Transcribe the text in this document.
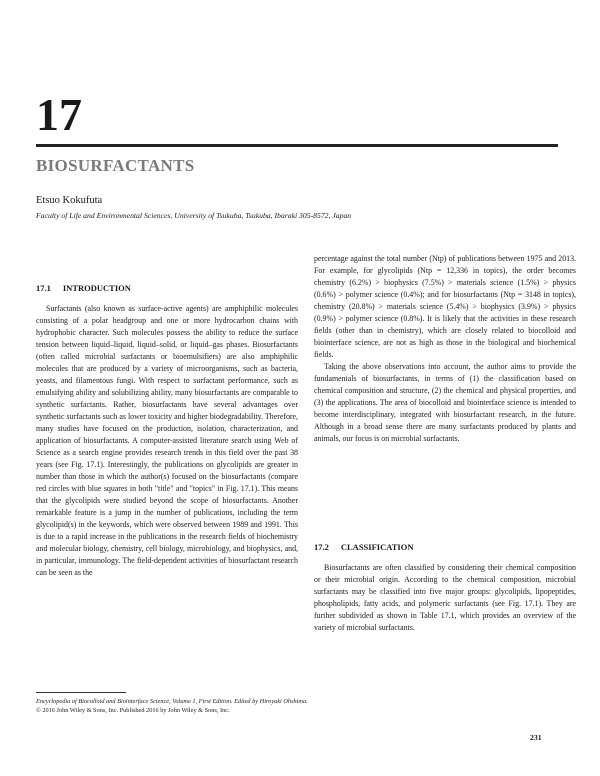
17
BIOSURFACTANTS
Etsuo Kokufuta
Faculty of Life and Environmental Sciences, University of Tsukuba, Tsukuba, Ibaraki 305-8572, Japan
17.1 INTRODUCTION

Surfactants (also known as surface-active agents) are amphiphilic molecules consisting of a polar headgroup and one or more hydrocarbon chains with hydrophobic character. Such molecules possess the ability to reduce the surface tension between liquid–liquid, liquid–solid, or liquid–gas phases. Biosurfactants (often called microbial surfactants or bioemulsifiers) are also amphiphilic molecules that are produced by a variety of microorganisms, such as bacteria, yeasts, and filamentous fungi. With respect to surfactant performance, such as emulsifying ability and solubilizing ability, many biosurfactants are comparable to synthetic surfactants. Rather, biosurfactants have several advantages over synthetic surfactants such as lower toxicity and higher biodegradability. Therefore, many studies have focused on the production, isolation, characterization, and application of biosurfactants. A computer-assisted literature search using Web of Science as a search engine provides research trends in this field over the past 38 years (see Fig. 17.1). Interestingly, the publications on glycolipids are greater in number than those in which the author(s) focused on the biosurfactants (compare red circles with blue squares in both "title" and "topics" in Fig. 17.1). This means that the glycolipids were studied beyond the scope of biosurfactants. Another remarkable feature is a jump in the number of publications, including the term glycolipid(s) in the keywords, which were observed between 1989 and 1991. This is due to a rapid increase in the publications in the research fields of biochemistry and molecular biology, chemistry, cell biology, microbiology, and biophysics, and, in particular, immunology. The field-dependent activities of biosurfactant research can be seen as the

percentage against the total number (Ntp) of publications between 1975 and 2013. For example, for glycolipids (Ntp = 12,336 in topics), the order becomes chemistry (6.2%) > biophysics (7.5%) > materials science (1.5%) > physics (0.6%) > polymer science (0.4%); and for biosurfactants (Ntp = 3148 in topics), chemistry (20.8%) > materials science (5.4%) > biophysics (3.9%) > physics (0.9%) > polymer science (0.8%). It is likely that the activities in these research fields (other than in chemistry), which are closely related to biocolloid and biointerface science, are not as high as those in the biological and biochemical fields.

Taking the above observations into account, the author aims to provide the fundamentals of biosurfactants, in terms of (1) the classification based on chemical composition and structure, (2) the chemical and physical properties, and (3) the applications. The area of biocolloid and biointerface science is intended to become interdisciplinary, integrated with biosurfactant research, in the future. Although in a broad sense there are many surfactants produced by plants and animals, our focus is on microbial surfactants.

17.2 CLASSIFICATION

Biosurfactants are often classified by considering their chemical composition or their microbial origin. According to the chemical composition, microbial surfactants may be classified into five major groups: glycolipids, lipopeptides, phospholipids, fatty acids, and polymeric surfactants (see Fig. 17.1). They are further subdivided as shown in Table 17.1, which provides an overview of the variety of microbial surfactants.

Encyclopedia of Biocolloid and Biointerface Science, Volume 1, First Edition. Edited by Hiroyuki Ohshima.
© 2016 John Wiley & Sons, Inc. Published 2016 by John Wiley & Sons, Inc.
231
